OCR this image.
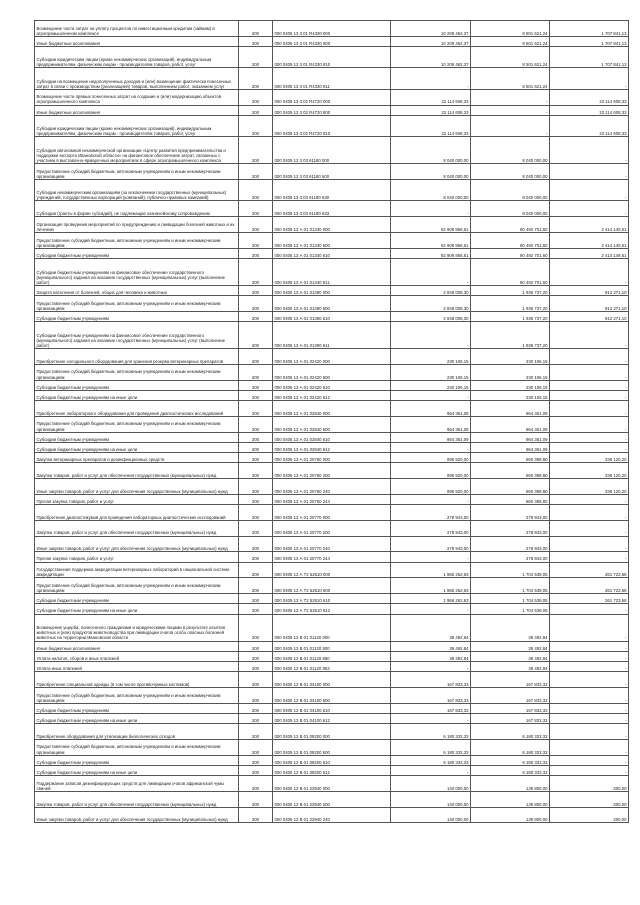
Возмещение части затрат на уплату процентов по инвестиционным кредитам (займам) в агропромышленном комплексе	200	000 0405 13 3 01 R4330 000	10 209 462,37	8 501 621,24	1 707 841,13
Иные бюджетные ассигнования	200	000 0405 13 3 01 R4330 800	10 209 462,37	8 501 621,24	1 707 841,13
Субсидии юридическим лицам (кроме некоммерческих организаций), индивидуальным предпринимателям, физическим лицам - производителям товаров, работ, услуг	200	000 0405 13 3 01 R4330 810	10 209 462,37	8 501 621,24	1 707 841,13
Субсидии на возмещение недополученных доходов и (или) возмещение фактически понесенных затрат в связи с производством (реализацией) товаров, выполнением работ, оказанием услуг	200	000 0405 13 3 01 R4330 811	-	8 501 621,24	-
Возмещение части прямых понесенных затрат на создание и (или) модернизацию объектов агропромышленного комплекса	200	000 0405 13 3 02 R4720 000	22 114 608,33	-	22 114 608,33
Иные бюджетные ассигнования	200	000 0405 13 3 02 R4720 800	22 114 608,33	-	22 114 608,33
Субсидии юридическим лицам (кроме некоммерческих организаций), индивидуальным предпринимателям, физическим лицам - производителям товаров, работ, услуг	200	000 0405 13 3 02 R4720 810	22 114 608,33	-	22 114 608,33
Субсидия автономной некоммерческой организации «Центр развития предпринимательства и поддержки экспорта Ивановской области» на финансовое обеспечение затрат, связанных с участием в выставочно-ярмарочных мероприятиях в сфере агропромышленного комплекса	200	000 0405 13 3 03 61180 000	8 040 000,00	8 040 000,00	-
Предоставление субсидий бюджетным, автономным учреждениям и иным некоммерческим организациям	200	000 0405 13 3 03 61180 600	8 040 000,00	8 040 000,00	-
Субсидии некоммерческим организациям (за исключением государственных (муниципальных) учреждений, государственных корпораций (компаний), публично-правовых компаний)	200	000 0405 13 3 03 61180 630	8 040 000,00	8 040 000,00	-
Субсидии (гранты в форме субсидий), не подлежащие казначейскому сопровождению	200	000 0405 13 3 03 61180 633	-	8 040 000,00	-
Организация проведения мероприятий по предупреждению и ликвидации болезней животных и их лечению	200	000 0405 13 А 01 01340 000	82 909 856,61	80 492 701,60	2 414 149,51
Предоставление субсидий бюджетным, автономным учреждениям и иным некоммерческим организациям	200	000 0405 13 А 01 01340 600	82 909 856,61	80 492 701,60	2 414 149,51
Субсидии бюджетным учреждениям	200	000 0405 13 А 01 01340 610	82 909 856,61	80 492 701,60	2 414 149,51
Субсидии бюджетным учреждениям на финансовое обеспечение государственного (муниципального) задания на оказание государственных (муниципальных) услуг (выполнение работ)	200	000 0405 13 А 01 01340 611	-	80 492 701,60	-
Защита населения от болезней, общих для человека и животных	200	000 0405 13 А 01 01390 000	2 848 008,30	1 935 737,20	912 271,10
Предоставление субсидий бюджетным, автономным учреждениям и иным некоммерческим организациям	200	000 0405 13 А 01 01390 600	2 848 008,30	1 935 737,20	912 271,10
Субсидии бюджетным учреждениям	200	000 0405 13 А 01 01390 610	2 848 008,30	1 935 737,20	912 271,10
Субсидии бюджетным учреждениям на финансовое обеспечение государственного (муниципального) задания на оказание государственных (муниципальных) услуг (выполнение работ)	200	000 0405 13 А 01 01390 611	-	1 935 737,20	-
Приобретение холодильного оборудования для хранения резерва ветеринарных препаратов	200	000 0405 13 А 01 02420 000	230 106,15	230 106,15	-
Предоставление субсидий бюджетным, автономным учреждениям и иным некоммерческим организациям	200	000 0405 13 А 01 02420 600	230 106,15	230 106,15	-
Субсидии бюджетным учреждениям	200	000 0405 13 А 01 02420 610	230 106,15	230 106,15	-
Субсидии бюджетным учреждениям на иные цели	200	000 0405 13 А 01 02420 612	-	230 106,15	-
Приобретение лабораторного оборудования для проведения диагностических исследований	200	000 0405 13 А 01 02840 000	964 361,09	964 361,09	-
Предоставление субсидий бюджетным, автономным учреждениям и иным некоммерческим организациям	200	000 0405 13 А 01 02840 600	964 361,09	964 361,09	-
Субсидии бюджетным учреждениям	200	000 0405 13 А 01 02840 610	964 361,09	964 361,09	-
Субсидии бюджетным учреждениям на иные цели	200	000 0405 13 А 01 02840 612	-	964 361,09	-
Закупка ветеринарных препаратов и дезинфекционных средств	200	000 0405 13 А 01 20760 000	996 520,00	660 399,80	336 120,20
Закупка товаров, работ и услуг для обеспечения государственных (муниципальных) нужд	200	000 0405 13 А 01 20760 200	996 520,00	660 399,80	336 120,20
Иные закупки товаров, работ и услуг для обеспечения государственных (муниципальных) нужд	200	000 0405 13 А 01 20760 240	996 520,00	660 399,80	336 120,20
Прочая закупка товаров, работ и услуг	200	000 0405 13 А 01 20760 244	-	660 399,80	-
Приобретение диагностикумов для проведения лабораторных диагностических исследований	200	000 0405 13 А 01 20770 000	278 943,00	278 943,00	-
Закупка товаров, работ и услуг для обеспечения государственных (муниципальных) нужд	200	000 0405 13 А 01 20770 200	278 943,00	278 943,00	-
Иные закупки товаров, работ и услуг для обеспечения государственных (муниципальных) нужд	200	000 0405 13 А 01 20770 240	278 943,00	278 943,00	-
Прочая закупка товаров, работ и услуг	200	000 0405 13 А 01 20770 244	-	278 943,00	-
Государственная поддержка аккредитации ветеринарных лабораторий в национальной системе аккредитации	200	000 0405 13 А Т2 52510 000	1 966 262,63	1 704 539,05	261 723,58
Предоставление субсидий бюджетным, автономным учреждениям и иным некоммерческим организациям	200	000 0405 13 А Т2 52510 600	1 966 262,63	1 704 539,05	261 723,58
Субсидии бюджетным учреждениям	200	000 0405 13 А Т2 52510 610	1 966 262,63	1 704 539,05	261 723,58
Субсидии бюджетным учреждениям на иные цели	200	000 0405 13 А Т2 52510 612	-	1 704 539,05	-
Возмещение ущерба, понесенного гражданами и юридическими лицами в результате изъятия животных и (или) продуктов животноводства при ликвидации очагов особо опасных болезней животных на территории Ивановской области	200	000 0405 13 В 01 01120 000	39 492,84	39 492,84	-
Иные бюджетные ассигнования	200	000 0405 13 В 01 01120 800	39 492,84	39 492,84	-
Уплата налогов, сборов и иных платежей	200	000 0405 13 В 01 01120 850	39 492,84	39 492,84	-
Уплата иных платежей	200	000 0405 13 В 01 01120 853	-	39 492,84	-
Приобретение специальной одежды (в том числе противочумных костюмов)	200	000 0405 13 В 01 04100 000	167 833,33	167 833,33	-
Предоставление субсидий бюджетным, автономным учреждениям и иным некоммерческим организациям	200	000 0405 13 В 01 04100 600	167 833,33	167 833,33	-
Субсидии бюджетным учреждениям	200	000 0405 13 В 01 04100 610	167 833,33	167 833,33	-
Субсидии бюджетным учреждениям на иные цели	200	000 0405 13 В 01 04100 612	-	167 833,33	-
Приобретение оборудования для утилизации биологических отходов	200	000 0405 13 В 01 08200 000	6 180 333,33	6 180 333,33	-
Предоставление субсидий бюджетным, автономным учреждениям и иным некоммерческим организациям	200	000 0405 13 В 01 08200 600	6 180 333,33	6 180 333,33	-
Субсидии бюджетным учреждениям	200	000 0405 13 В 01 08200 610	6 180 333,33	6 180 333,33	-
Субсидии бюджетным учреждениям на иные цели	200	000 0405 13 В 01 08200 612	-	6 180 333,33	-
Поддержание запасов дезинфицирующих средств для ликвидации очагов африканской чумы свиней	200	000 0405 13 В 01 22940 000	140 000,00	139 800,00	200,00
Закупка товаров, работ и услуг для обеспечения государственных (муниципальных) нужд	200	000 0405 13 В 01 22940 200	140 000,00	139 800,00	200,00
Иные закупки товаров, работ и услуг для обеспечения государственных (муниципальных) нужд	200	000 0405 13 В 01 22940 240	140 000,00	139 800,00	200,00
